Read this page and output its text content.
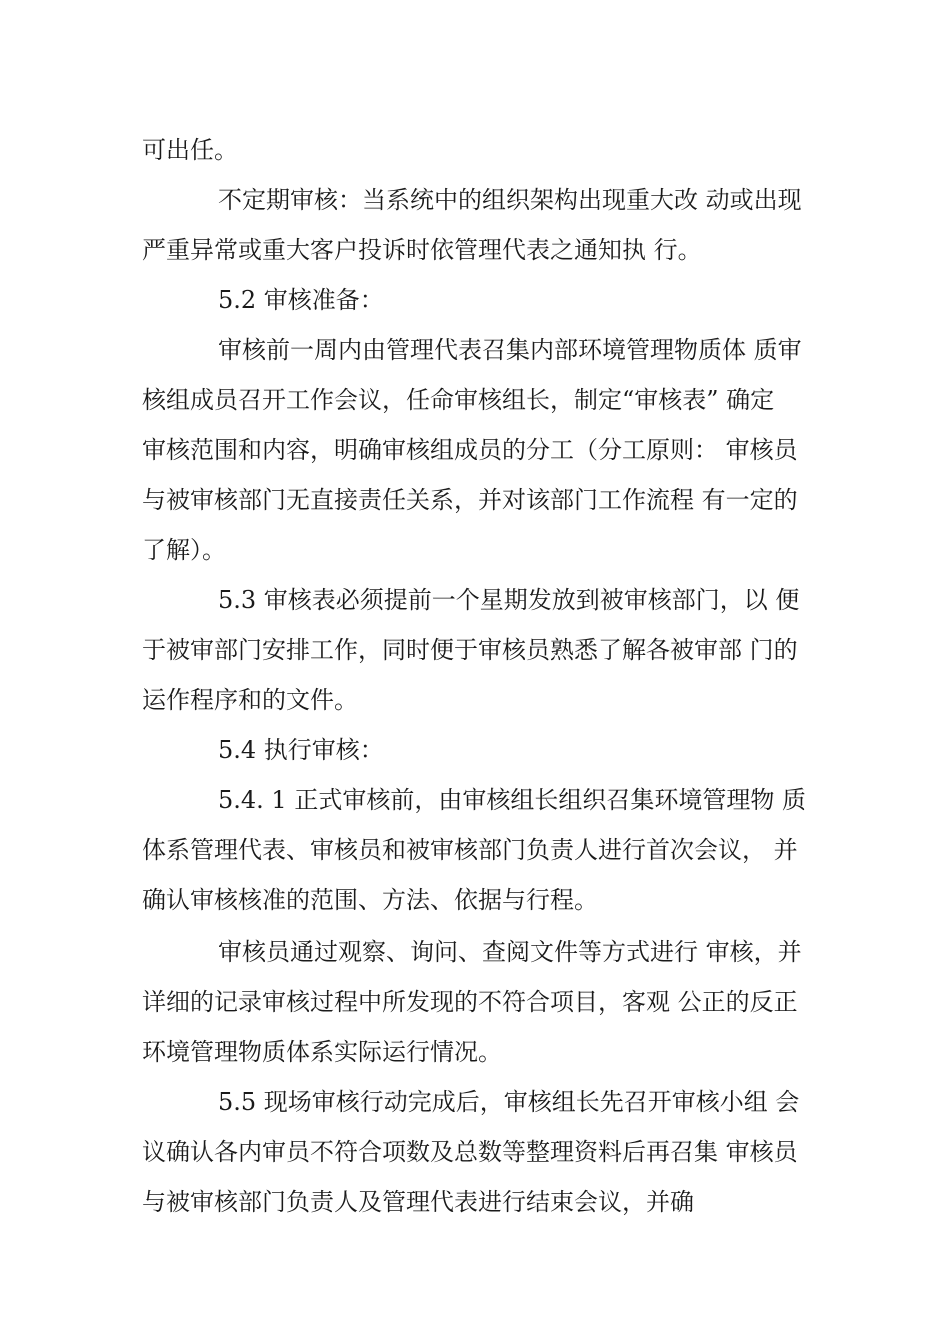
可出任。
不定期审核：当系统中的组织架构出现重大改 动或出现
严重异常或重大客户投诉时依管理代表之通知执 行。
5.2 审核准备：
审核前一周内由管理代表召集内部环境管理物质体 质审
核组成员召开工作会议，任命审核组长，制定“审核表” 确定
审核范围和内容，明确审核组成员的分工（分工原则： 审核员
与被审核部门无直接责任关系，并对该部门工作流程 有一定的
了解）。
5.3 审核表必须提前一个星期发放到被审核部门，以 便
于被审部门安排工作，同时便于审核员熟悉了解各被审部 门的
运作程序和的文件。
5.4 执行审核：
5.4. 1 正式审核前，由审核组长组织召集环境管理物 质
体系管理代表、审核员和被审核部门负责人进行首次会议， 并
确认审核核准的范围、方法、依据与行程。
审核员通过观察、询问、查阅文件等方式进行 审核，并
详细的记录审核过程中所发现的不符合项目，客观 公正的反正
环境管理物质体系实际运行情况。
5.5 现场审核行动完成后，审核组长先召开审核小组 会
议确认各内审员不符合项数及总数等整理资料后再召集 审核员
与被审核部门负责人及管理代表进行结束会议，并确
